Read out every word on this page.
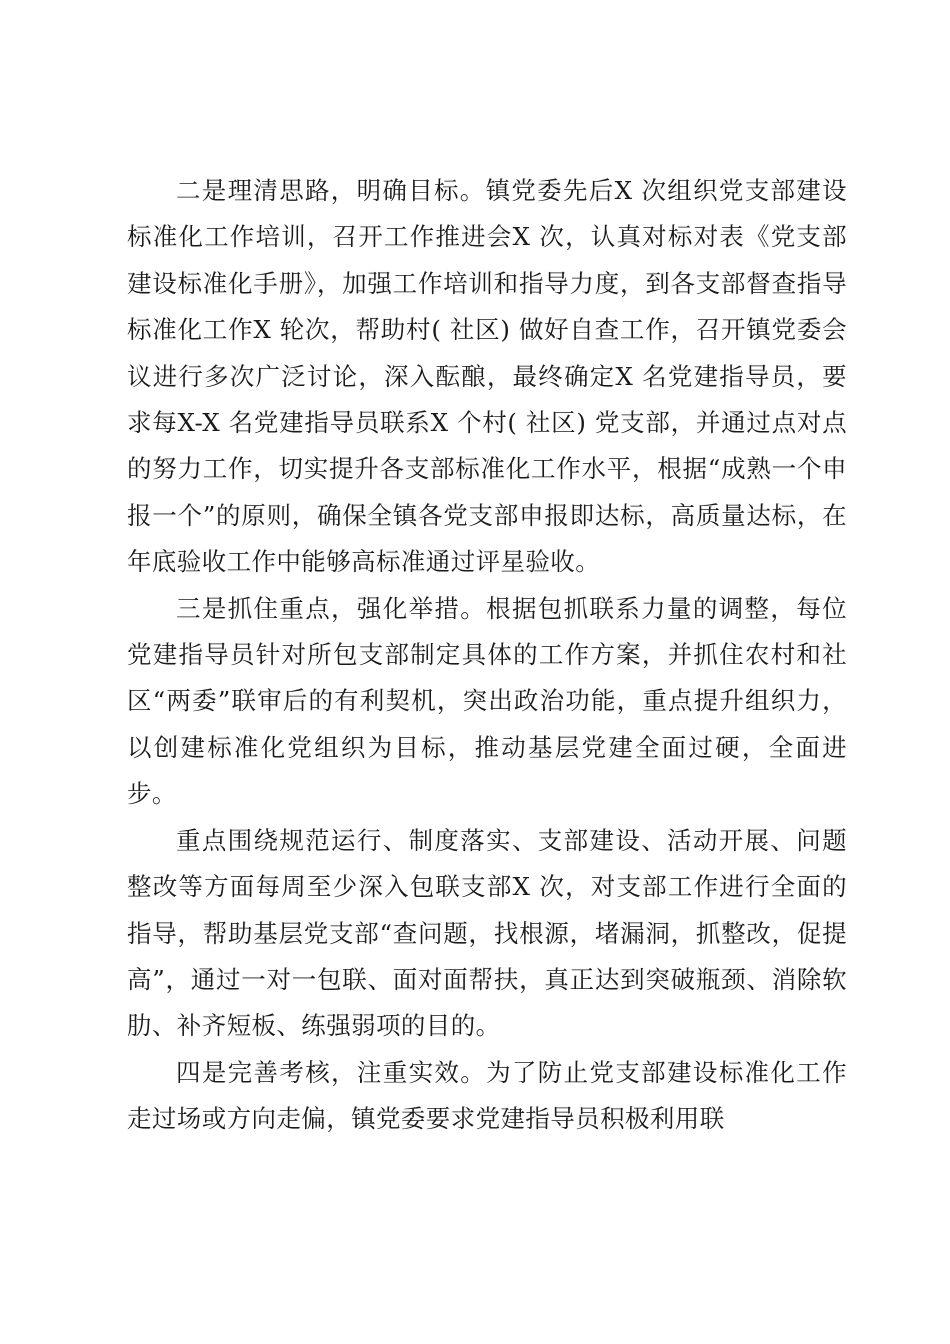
二是理清思路，明确目标。镇党委先后X 次组织党支部建设标准化工作培训，召开工作推进会X 次，认真对标对表《党支部建设标准化手册》，加强工作培训和指导力度，到各支部督查指导标准化工作X 轮次，帮助村( 社区) 做好自查工作，召开镇党委会议进行多次广泛讨论，深入酝酿，最终确定X 名党建指导员，要求每X-X 名党建指导员联系X 个村( 社区) 党支部，并通过点对点的努力工作，切实提升各支部标准化工作水平，根据“成熟一个申报一个”的原则，确保全镇各党支部申报即达标，高质量达标，在年底验收工作中能够高标准通过评星验收。

三是抓住重点，强化举措。根据包抓联系力量的调整，每位党建指导员针对所包支部制定具体的工作方案，并抓住农村和社区“两委”联审后的有利契机，突出政治功能，重点提升组织力，以创建标准化党组织为目标，推动基层党建全面过硬，全面进步。

重点围绕规范运行、制度落实、支部建设、活动开展、问题整改等方面每周至少深入包联支部X 次，对支部工作进行全面的指导，帮助基层党支部“查问题，找根源，堵漏洞，抓整改，促提高”，通过一对一包联、面对面帮扶，真正达到突破瓶颈、消除软肋、补齐短板、练强弱项的目的。

四是完善考核，注重实效。为了防止党支部建设标准化工作走过场或方向走偏，镇党委要求党建指导员积极利用联
